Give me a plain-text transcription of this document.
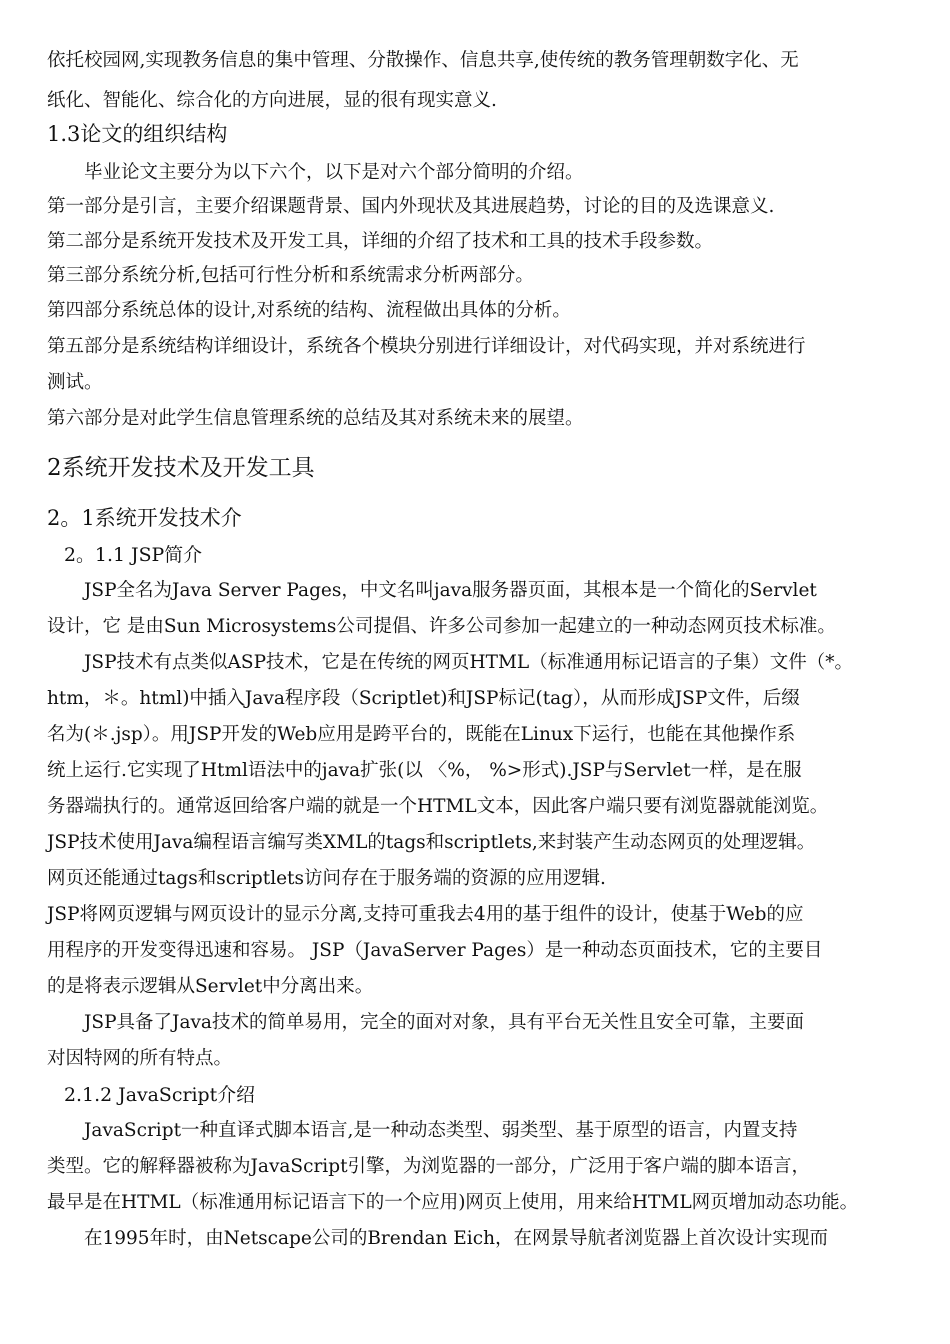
依托校园网,实现教务信息的集中管理、分散操作、信息共享,使传统的教务管理朝数字化、无
纸化、智能化、综合化的方向进展，显的很有现实意义.
1.3论文的组织结构
毕业论文主要分为以下六个，以下是对六个部分简明的介绍。
第一部分是引言，主要介绍课题背景、国内外现状及其进展趋势，讨论的目的及选课意义.
第二部分是系统开发技术及开发工具，详细的介绍了技术和工具的技术手段参数。
第三部分系统分析,包括可行性分析和系统需求分析两部分。
第四部分系统总体的设计,对系统的结构、流程做出具体的分析。
第五部分是系统结构详细设计，系统各个模块分别进行详细设计，对代码实现，并对系统进行
测试。
第六部分是对此学生信息管理系统的总结及其对系统未来的展望。
2系统开发技术及开发工具
2。1系统开发技术介
2。1.1 JSP简介
JSP全名为Java Server Pages，中文名叫java服务器页面，其根本是一个简化的Servlet
设计，它 是由Sun Microsystems公司提倡、许多公司参加一起建立的一种动态网页技术标准。
JSP技术有点类似ASP技术，它是在传统的网页HTML（标准通用标记语言的子集）文件（*。
htm，＊。html)中插入Java程序段（Scriptlet)和JSP标记(tag），从而形成JSP文件，后缀
名为(＊.jsp）。用JSP开发的Web应用是跨平台的，既能在Linux下运行，也能在其他操作系
统上运行.它实现了Html语法中的java扩张(以 〈%， %>形式).JSP与Servlet一样，是在服
务器端执行的。通常返回给客户端的就是一个HTML文本，因此客户端只要有浏览器就能浏览。
JSP技术使用Java编程语言编写类XML的tags和scriptlets,来封装产生动态网页的处理逻辑。
网页还能通过tags和scriptlets访问存在于服务端的资源的应用逻辑.
JSP将网页逻辑与网页设计的显示分离,支持可重我去4用的基于组件的设计，使基于Web的应
用程序的开发变得迅速和容易。 JSP（JavaServer Pages）是一种动态页面技术，它的主要目
的是将表示逻辑从Servlet中分离出来。
JSP具备了Java技术的简单易用，完全的面对对象，具有平台无关性且安全可靠，主要面
对因特网的所有特点。
2.1.2 JavaScript介绍
JavaScript一种直译式脚本语言,是一种动态类型、弱类型、基于原型的语言，内置支持
类型。它的解释器被称为JavaScript引擎，为浏览器的一部分，广泛用于客户端的脚本语言，
最早是在HTML（标准通用标记语言下的一个应用)网页上使用，用来给HTML网页增加动态功能。
在1995年时，由Netscape公司的Brendan Eich，在网景导航者浏览器上首次设计实现而
